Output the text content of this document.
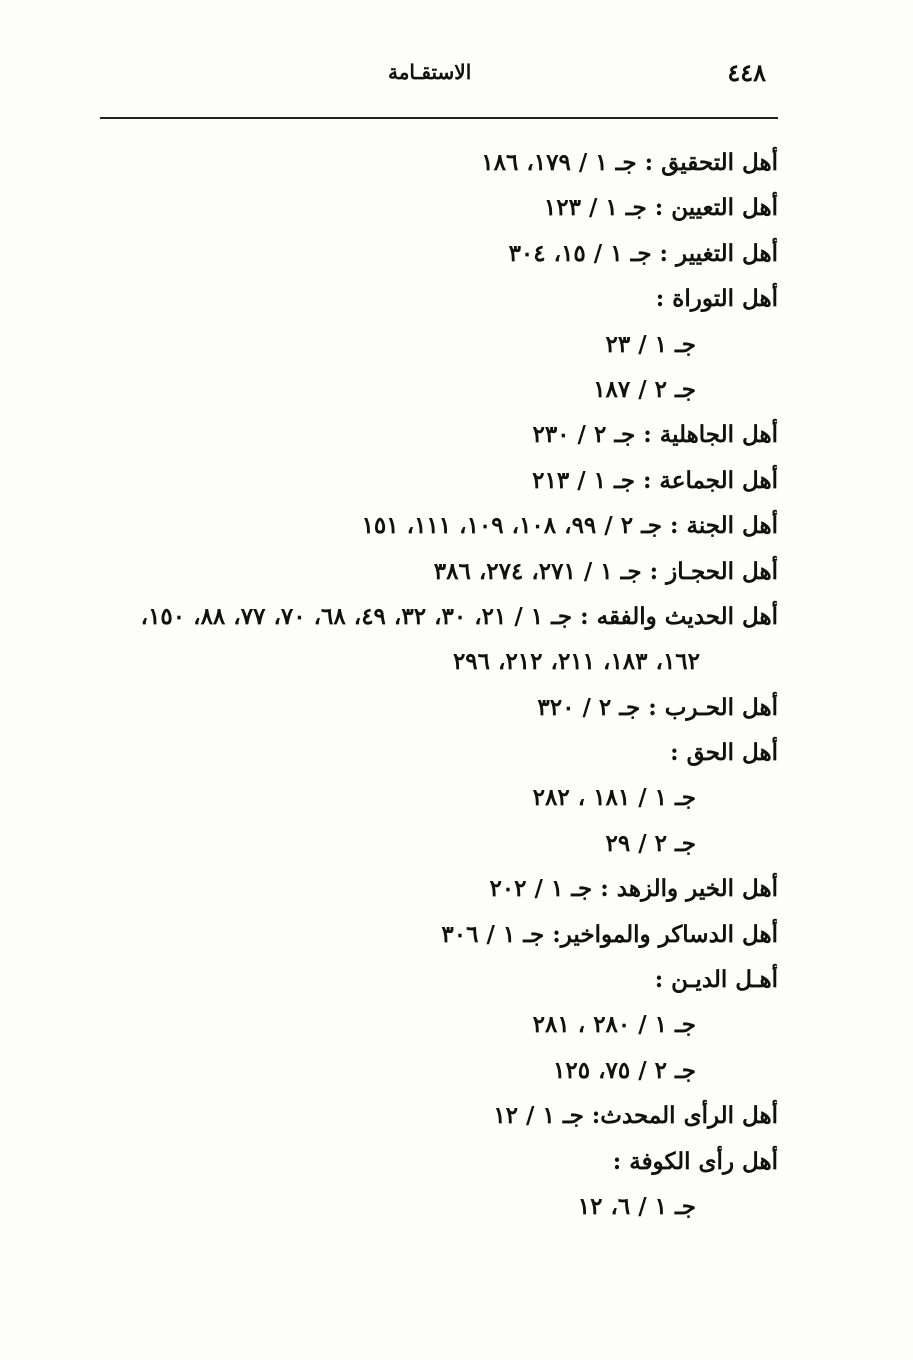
٤٤٨
الاستقـامة
أهل التحقيق : جـ ١ / ١٧٩، ١٨٦
أهل التعيين : جـ ١ / ١٢٣
أهل التغيير : جـ ١ / ١٥، ٣٠٤
أهل التوراة :
جـ ١ / ٢٣
جـ ٢ / ١٨٧
أهل الجاهلية : جـ ٢ / ٢٣٠
أهل الجماعة : جـ ١ / ٢١٣
أهل الجنة : جـ ٢ / ٩٩، ١٠٨، ١٠٩، ١١١، ١٥١
أهل الحجـاز : جـ ١ / ٢٧١، ٢٧٤، ٣٨٦
أهل الحديث والفقه : جـ ١ / ٢١، ٣٠، ٣٢، ٤٩، ٦٨، ٧٠، ٧٧، ٨٨، ١٥٠،
١٦٢، ١٨٣، ٢١١، ٢١٢، ٢٩٦
أهل الحـرب : جـ ٢ / ٣٢٠
أهل الحق :
جـ ١ / ١٨١ ، ٢٨٢
جـ ٢ / ٢٩
أهل الخير والزهد : جـ ١ / ٢٠٢
أهل الدساكر والمواخير: جـ ١ / ٣٠٦
أهـل الديـن :
جـ ١ / ٢٨٠ ، ٢٨١
جـ ٢ / ٧٥، ١٢٥
أهل الرأى المحدث: جـ ١ / ١٢
أهل رأى الكوفة :
جـ ١ / ٦، ١٢
